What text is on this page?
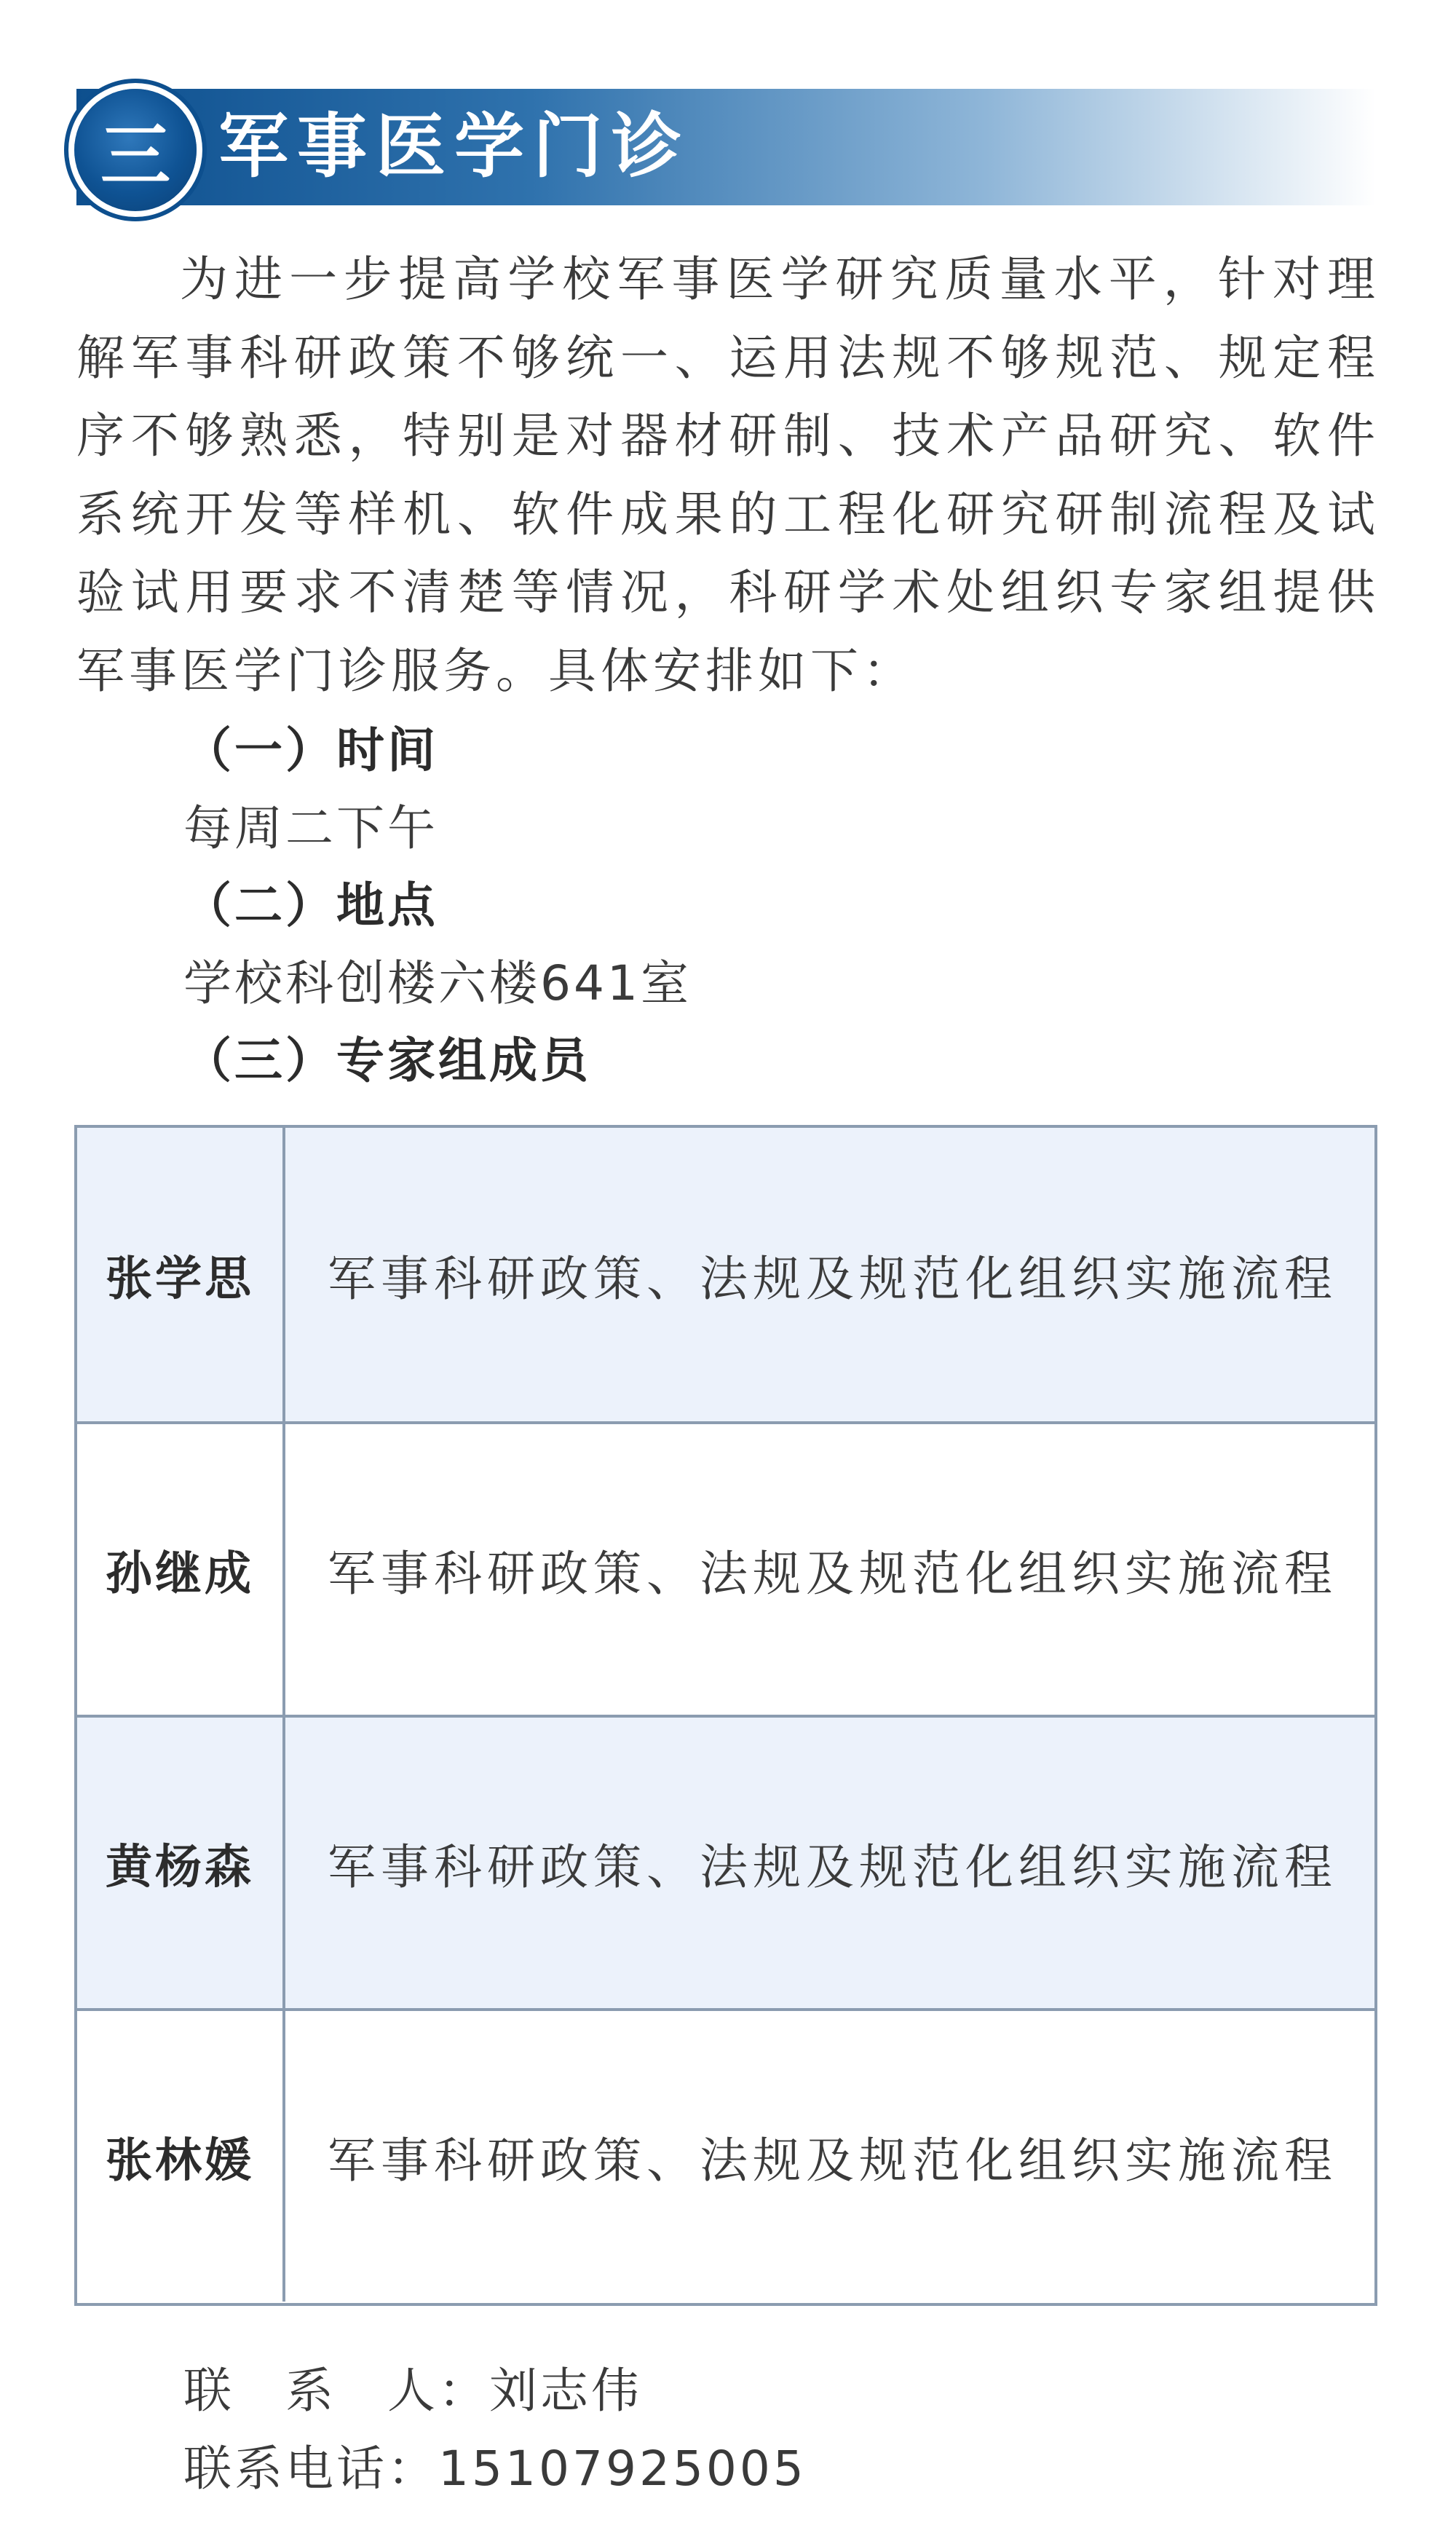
三 军事医学门诊
为进一步提高学校军事医学研究质量水平，针对理解军事科研政策不够统一、运用法规不够规范、规定程序不够熟悉，特别是对器材研制、技术产品研究、软件系统开发等样机、软件成果的工程化研究研制流程及试验试用要求不清楚等情况，科研学术处组织专家组提供军事医学门诊服务。具体安排如下：
（一）时间
每周二下午
（二）地点
学校科创楼六楼641室
（三）专家组成员
张学思	军事科研政策、法规及规范化组织实施流程
孙继成	军事科研政策、法规及规范化组织实施流程
黄杨森	军事科研政策、法规及规范化组织实施流程
张林媛	军事科研政策、法规及规范化组织实施流程
联　系　人：刘志伟
联系电话：15107925005
